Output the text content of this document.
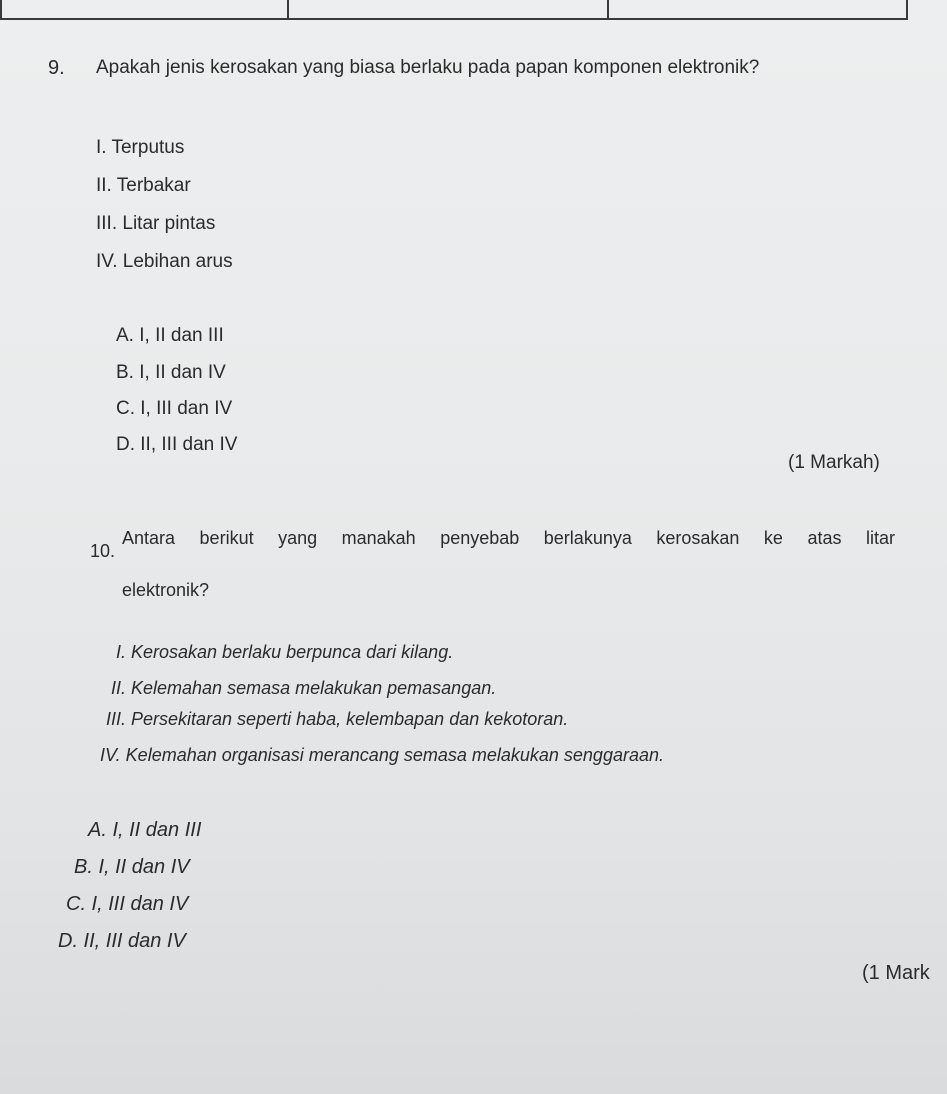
9. Apakah jenis kerosakan yang biasa berlaku pada papan komponen elektronik?
I. Terputus
II. Terbakar
III. Litar pintas
IV. Lebihan arus
A. I, II dan III
B. I, II dan IV
C. I, III dan IV
D. II, III dan IV
(1 Markah)
10.
Antara berikut yang manakah penyebab berlakunya kerosakan ke atas litar
elektronik?
I. Kerosakan berlaku berpunca dari kilang.
II. Kelemahan semasa melakukan pemasangan.
III. Persekitaran seperti haba, kelembapan dan kekotoran.
IV. Kelemahan organisasi merancang semasa melakukan senggaraan.
A. I, II dan III
B. I, II dan IV
C. I, III dan IV
D. II, III dan IV
(1 Mark
